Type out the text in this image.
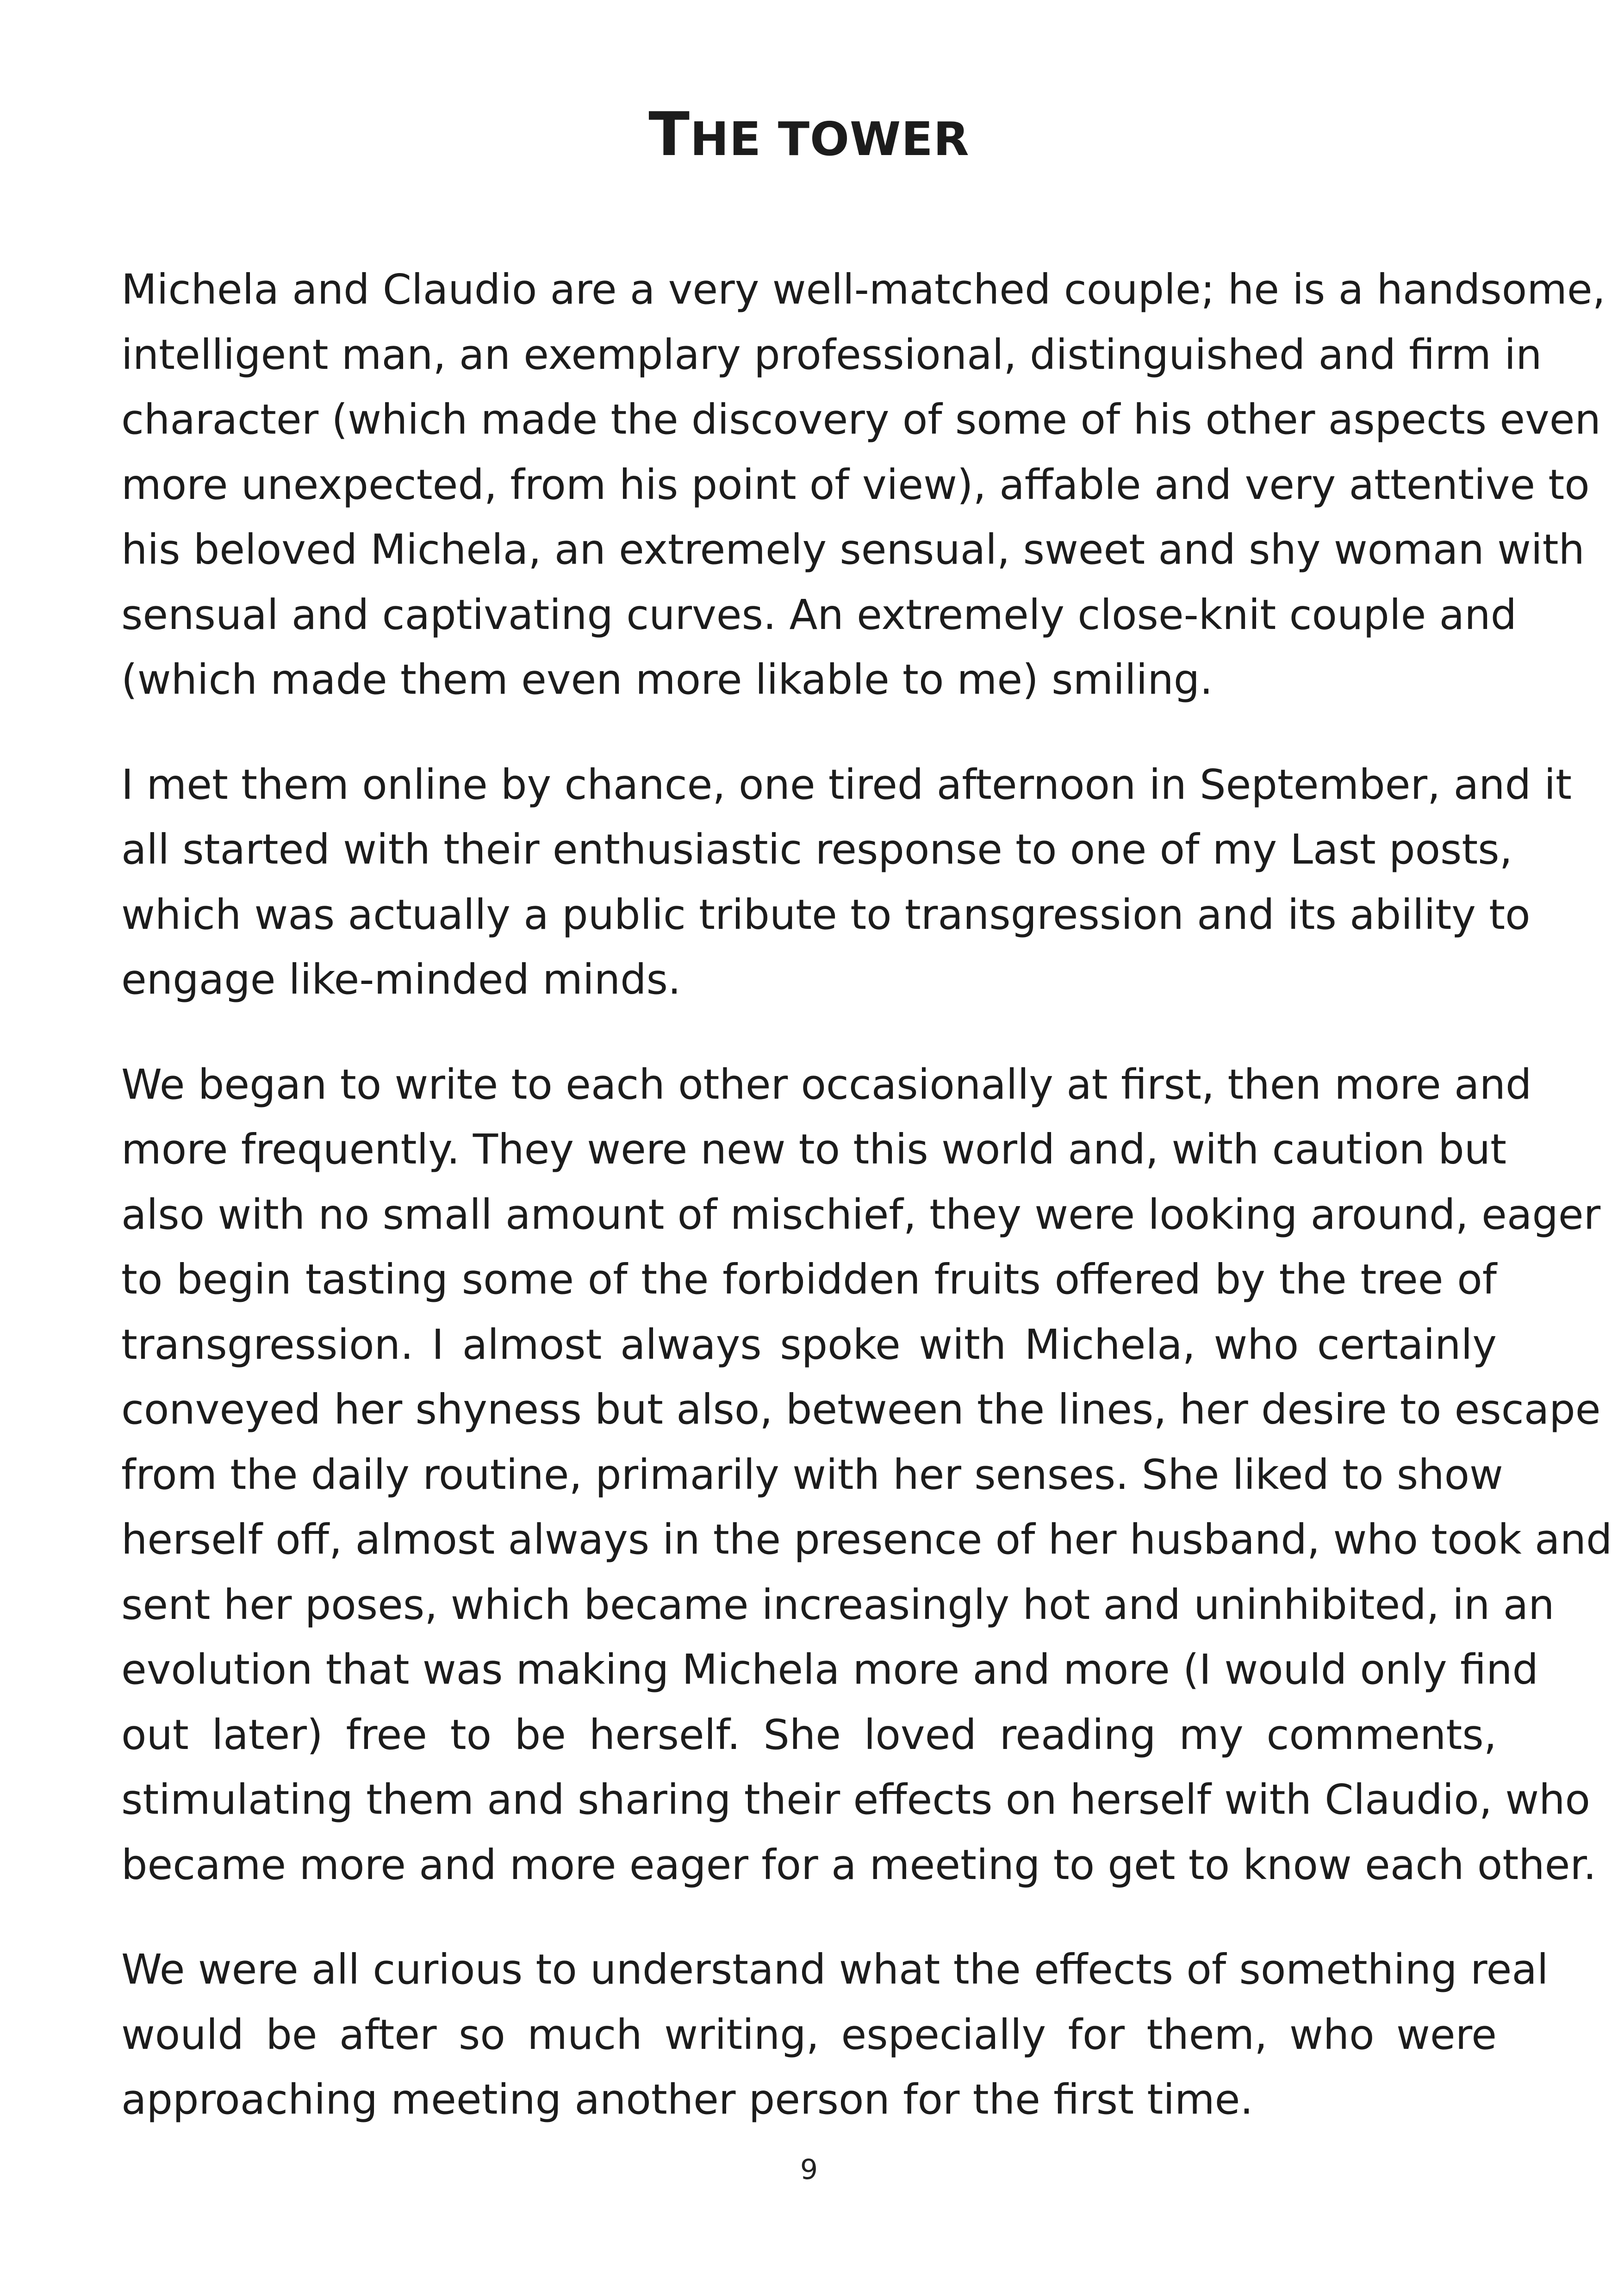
THE TOWER

Michela and Claudio are a very well-matched couple; he is a handsome,
intelligent man, an exemplary professional, distinguished and firm in
character (which made the discovery of some of his other aspects even
more unexpected, from his point of view), affable and very attentive to
his beloved Michela, an extremely sensual, sweet and shy woman with
sensual and captivating curves. An extremely close-knit couple and
(which made them even more likable to me) smiling.

I met them online by chance, one tired afternoon in September, and it
all started with their enthusiastic response to one of my Last posts,
which was actually a public tribute to transgression and its ability to
engage like-minded minds.

We began to write to each other occasionally at first, then more and
more frequently. They were new to this world and, with caution but
also with no small amount of mischief, they were looking around, eager
to begin tasting some of the forbidden fruits offered by the tree of
transgression. I almost always spoke with Michela, who certainly
conveyed her shyness but also, between the lines, her desire to escape
from the daily routine, primarily with her senses. She liked to show
herself off, almost always in the presence of her husband, who took and
sent her poses, which became increasingly hot and uninhibited, in an
evolution that was making Michela more and more (I would only find
out later) free to be herself. She loved reading my comments,
stimulating them and sharing their effects on herself with Claudio, who
became more and more eager for a meeting to get to know each other.

We were all curious to understand what the effects of something real
would be after so much writing, especially for them, who were
approaching meeting another person for the first time.

9
